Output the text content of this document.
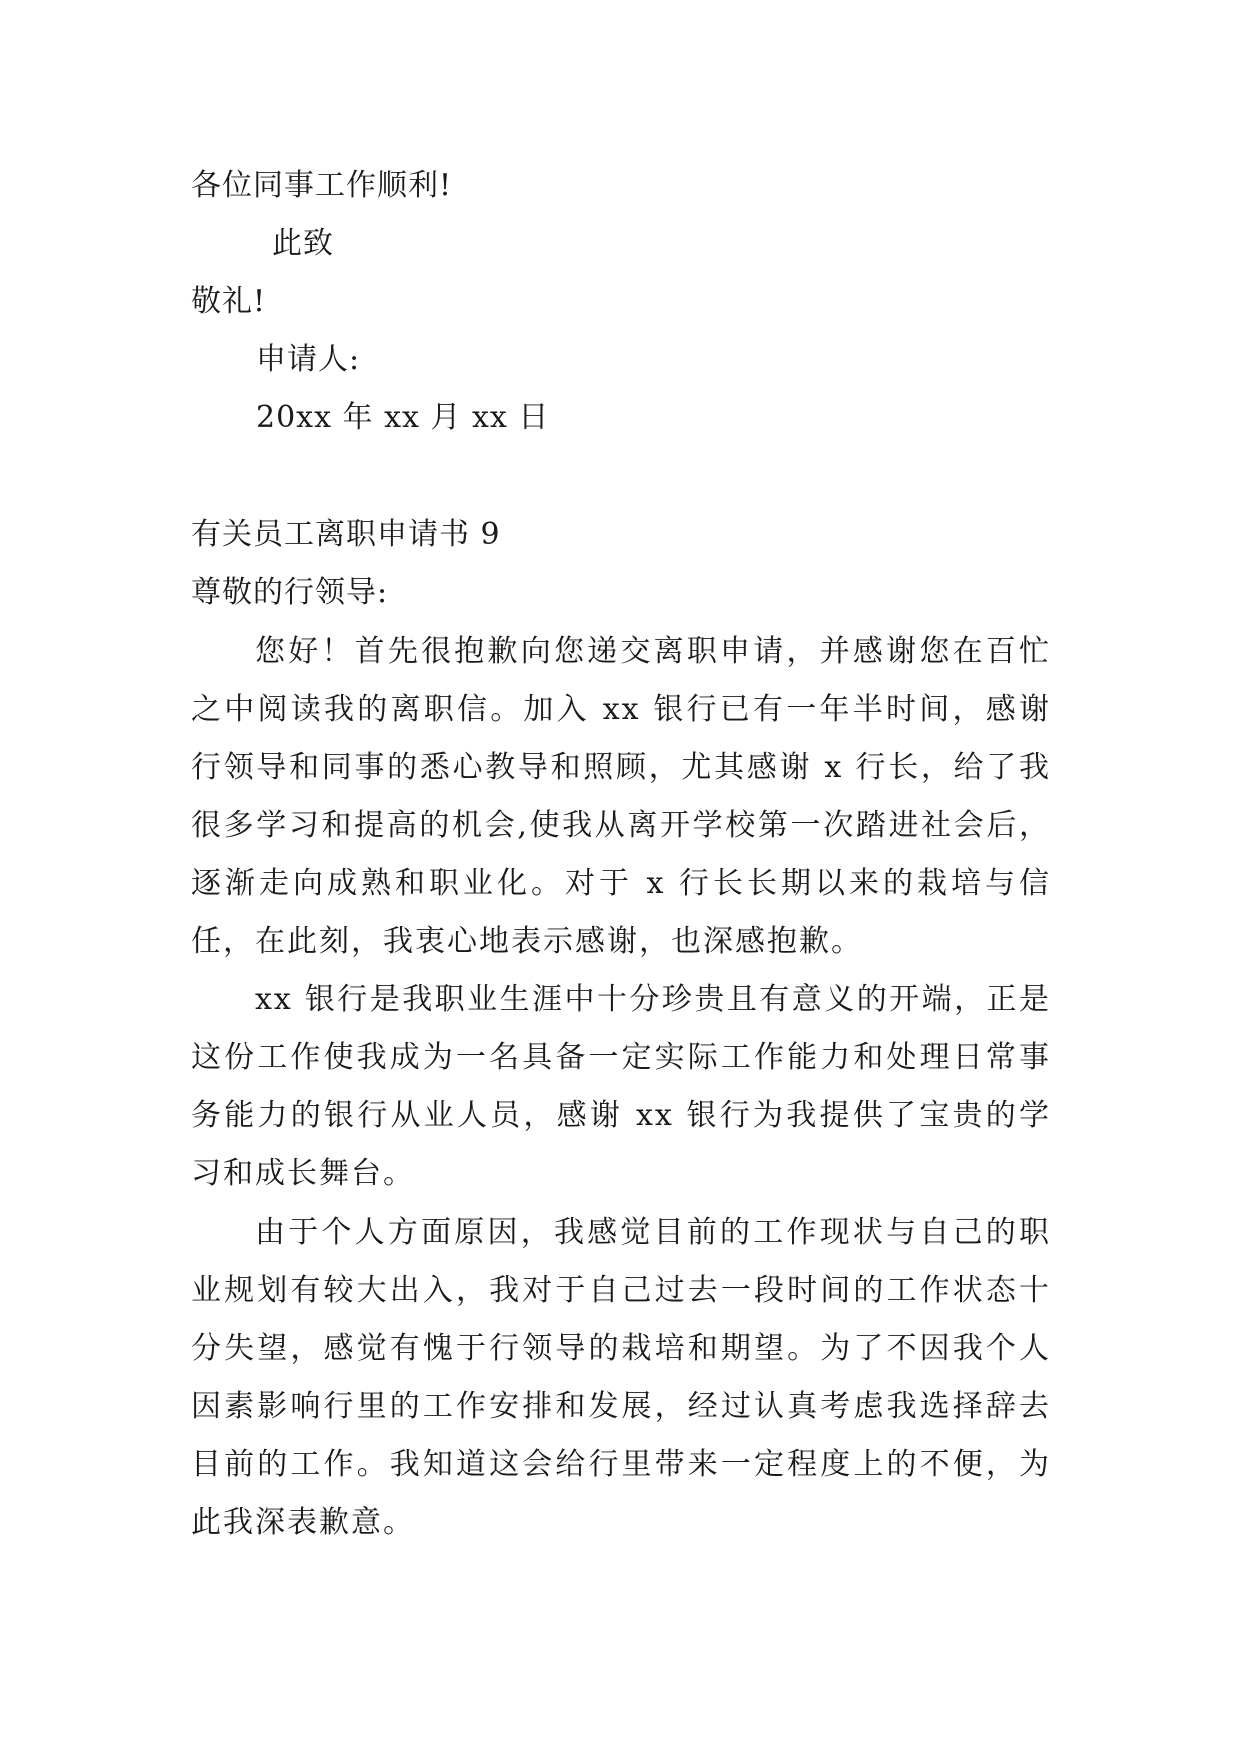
各位同事工作顺利!
此致
敬礼!
申请人:
20xx 年 xx 月 xx 日
有关员工离职申请书 9
尊敬的行领导:

您好！首先很抱歉向您递交离职申请，并感谢您在百忙之中阅读我的离职信。加入 xx 银行已有一年半时间，感谢行领导和同事的悉心教导和照顾，尤其感谢 x 行长，给了我很多学习和提高的机会,使我从离开学校第一次踏进社会后，逐渐走向成熟和职业化。对于 x 行长长期以来的栽培与信任，在此刻，我衷心地表示感谢，也深感抱歉。

xx 银行是我职业生涯中十分珍贵且有意义的开端，正是这份工作使我成为一名具备一定实际工作能力和处理日常事务能力的银行从业人员，感谢 xx 银行为我提供了宝贵的学习和成长舞台。

由于个人方面原因，我感觉目前的工作现状与自己的职业规划有较大出入，我对于自己过去一段时间的工作状态十分失望，感觉有愧于行领导的栽培和期望。为了不因我个人因素影响行里的工作安排和发展，经过认真考虑我选择辞去目前的工作。我知道这会给行里带来一定程度上的不便，为此我深表歉意。
